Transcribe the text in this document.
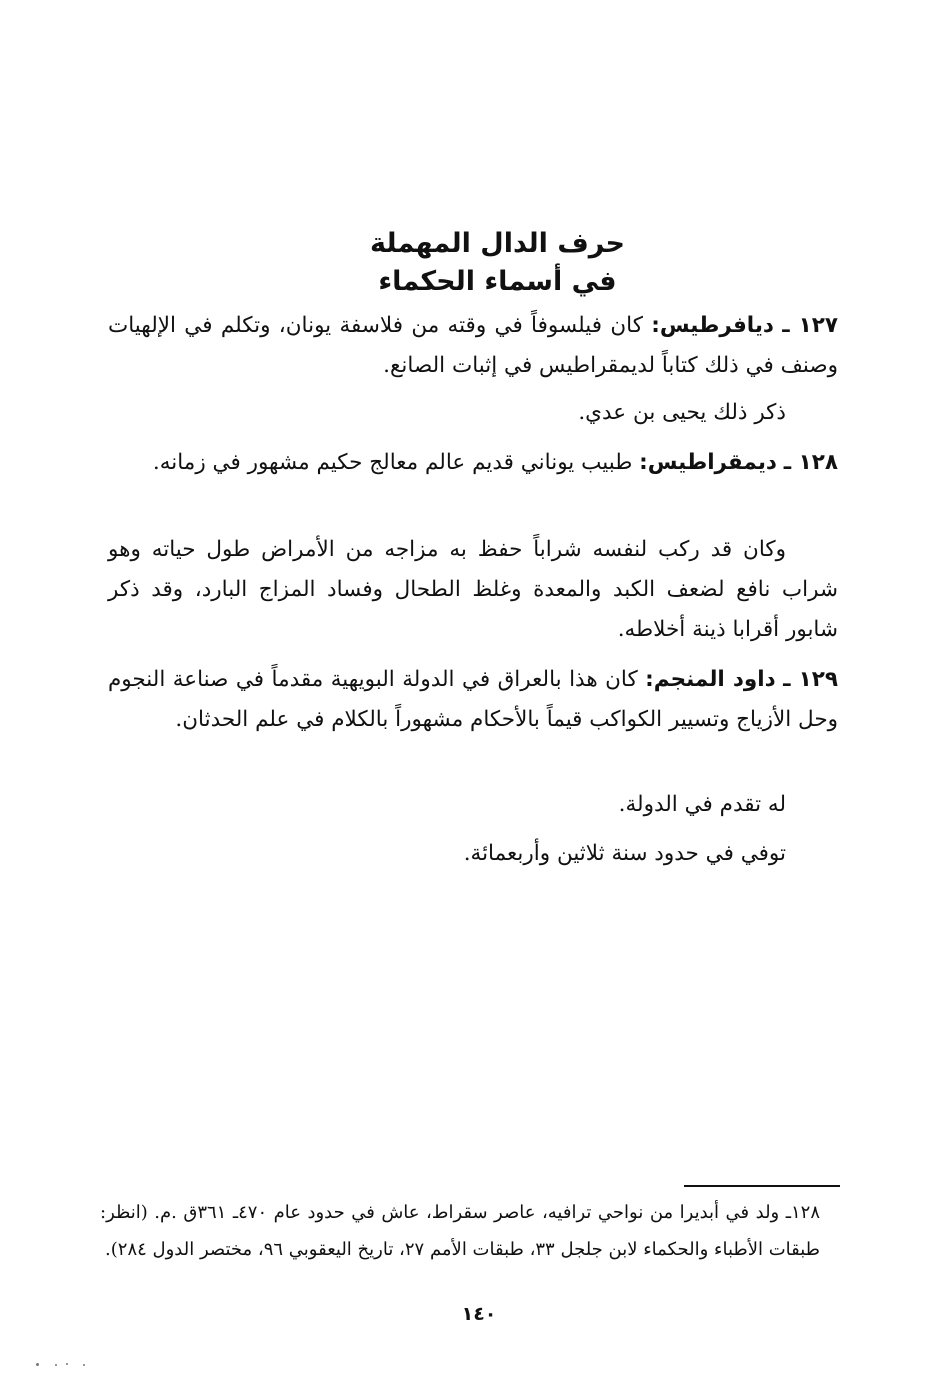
حرف الدال المهملة
في أسماء الحكماء

١٢٧ ـ ديافرطيس: كان فيلسوفاً في وقته من فلاسفة يونان، وتكلم في الإلهيات وصنف في ذلك كتاباً لديمقراطيس في إثبات الصانع.

ذكر ذلك يحيى بن عدي.

١٢٨ ـ ديمقراطيس: طبيب يوناني قديم عالم معالج حكيم مشهور في زمانه.

وكان قد ركب لنفسه شراباً حفظ به مزاجه من الأمراض طول حياته وهو شراب نافع لضعف الكبد والمعدة وغلظ الطحال وفساد المزاج البارد، وقد ذكر شابور أقرابا ذينة أخلاطه.

١٢٩ ـ داود المنجم: كان هذا بالعراق في الدولة البويهية مقدماً في صناعة النجوم وحل الأزياج وتسيير الكواكب قيماً بالأحكام مشهوراً بالكلام في علم الحدثان.

له تقدم في الدولة.

توفي في حدود سنة ثلاثين وأربعمائة.

١٢٨ـ ولد في أبديرا من نواحي ترافيه، عاصر سقراط، عاش في حدود عام ٤٧٠ـ ٣٦١ق .م. (انظر: طبقات الأطباء والحكماء لابن جلجل ٣٣، طبقات الأمم ٢٧، تاريخ اليعقوبي ٩٦، مختصر الدول ٢٨٤).

١٤٠
